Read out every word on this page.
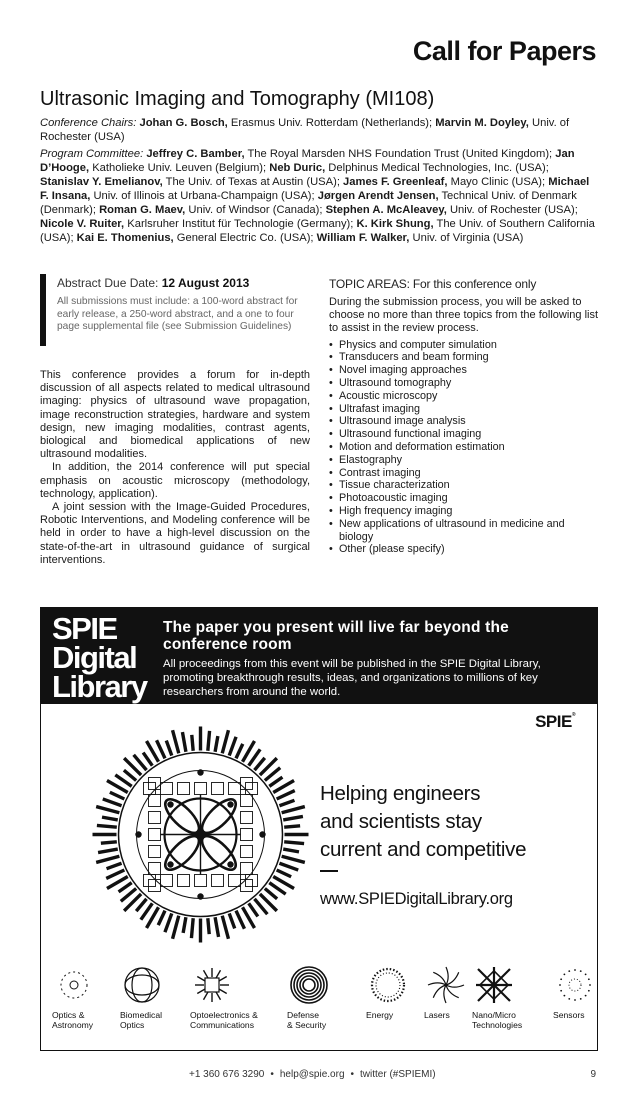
Call for Papers
Ultrasonic Imaging and Tomography (MI108)

Conference Chairs: Johan G. Bosch, Erasmus Univ. Rotterdam (Netherlands); Marvin M. Doyley, Univ. of Rochester (USA)

Program Committee: Jeffrey C. Bamber, The Royal Marsden NHS Foundation Trust (United Kingdom); Jan D’Hooge, Katholieke Univ. Leuven (Belgium); Neb Duric, Delphinus Medical Technologies, Inc. (USA); Stanislav Y. Emelianov, The Univ. of Texas at Austin (USA); James F. Greenleaf, Mayo Clinic (USA); Michael F. Insana, Univ. of Illinois at Urbana-Champaign (USA); Jørgen Arendt Jensen, Technical Univ. of Denmark (Denmark); Roman G. Maev, Univ. of Windsor (Canada); Stephen A. McAleavey, Univ. of Rochester (USA); Nicole V. Ruiter, Karlsruher Institut für Technologie (Germany); K. Kirk Shung, The Univ. of Southern California (USA); Kai E. Thomenius, General Electric Co. (USA); William F. Walker, Univ. of Virginia (USA)

Abstract Due Date: 12 August 2013
All submissions must include: a 100-word abstract for early release, a 250-word abstract, and a one to four page supplemental file (see Submission Guidelines)

This conference provides a forum for in-depth discussion of all aspects related to medical ultrasound imaging: physics of ultrasound wave propagation, image reconstruction strategies, hardware and system design, new imaging modalities, contrast agents, biological and biomedical applications of new ultrasound modalities.

In addition, the 2014 conference will put special emphasis on acoustic microscopy (methodology, technology, application).

A joint session with the Image-Guided Procedures, Robotic Interventions, and Modeling conference will be held in order to have a high-level discussion on the state-of-the-art in ultrasound guidance of surgical interventions.

TOPIC AREAS: For this conference only
During the submission process, you will be asked to choose no more than three topics from the following list to assist in the review process.
• Physics and computer simulation
• Transducers and beam forming
• Novel imaging approaches
• Ultrasound tomography
• Acoustic microscopy
• Ultrafast imaging
• Ultrasound image analysis
• Ultrasound functional imaging
• Motion and deformation estimation
• Elastography
• Contrast imaging
• Tissue characterization
• Photoacoustic imaging
• High frequency imaging
• New applications of ultrasound in medicine and biology
• Other (please specify)
SPIE
Digital
Library
The paper you present will live far beyond the conference room
All proceedings from this event will be published in the SPIE Digital Library, promoting breakthrough results, ideas, and organizations to millions of key researchers from around the world.
SPIE®
Helping engineers
and scientists stay
current and competitive
www.SPIEDigitalLibrary.org
Optics &
Astronomy
Biomedical
Optics
Optoelectronics &
Communications
Defense
& Security
Energy	Lasers	Nano/Micro
Technologies
Sensors
+1 360 676 3290 • help@spie.org • twitter (#SPIEMI)	9
